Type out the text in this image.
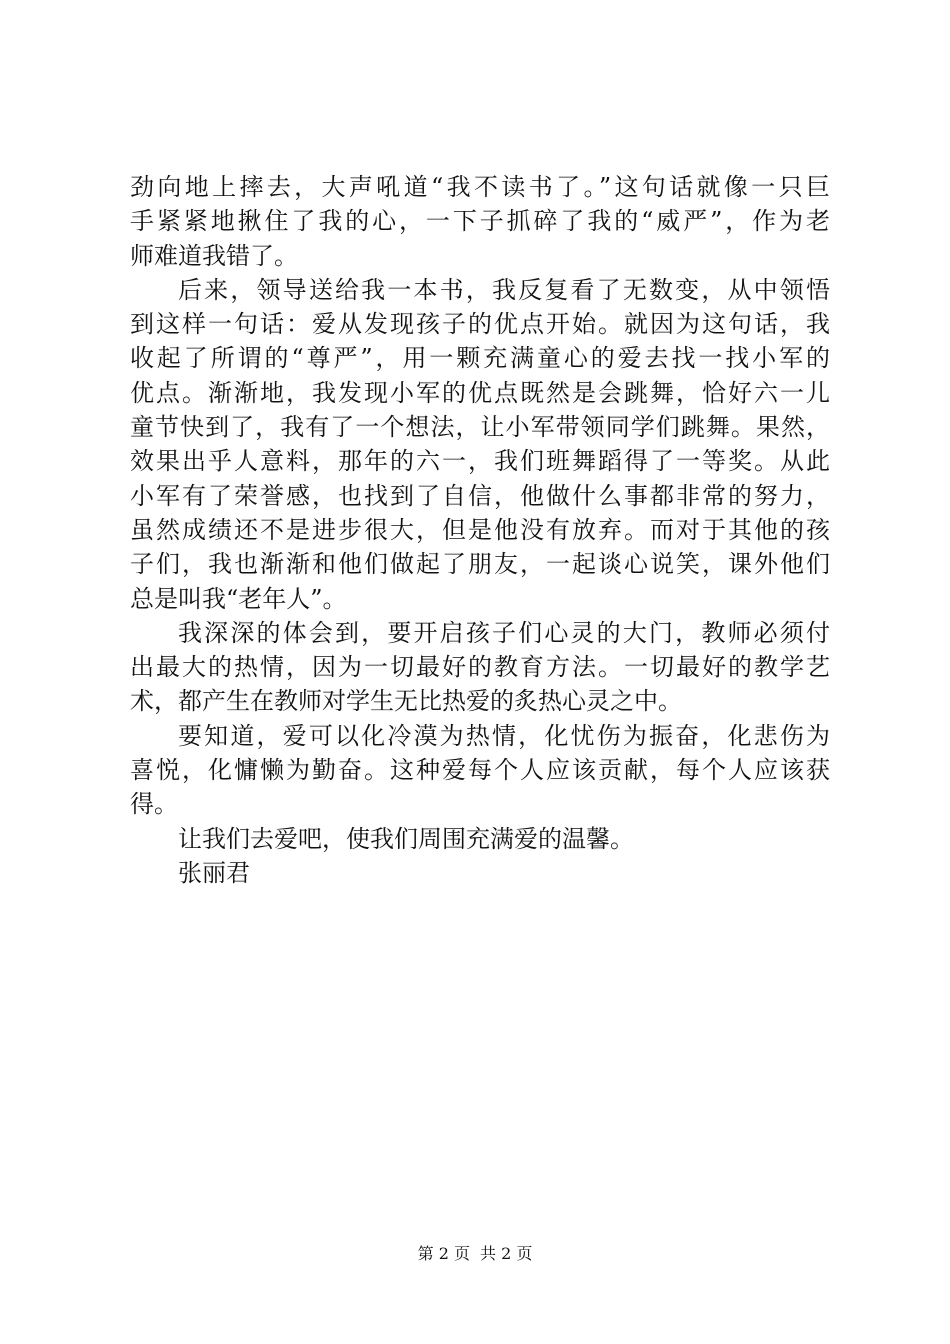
劲向地上摔去，大声吼道“我不读书了。”这句话就像一只巨
手紧紧地揪住了我的心，一下子抓碎了我的“威严”，作为老
师难道我错了。
后来，领导送给我一本书，我反复看了无数变，从中领悟
到这样一句话：爱从发现孩子的优点开始。就因为这句话，我
收起了所谓的“尊严”，用一颗充满童心的爱去找一找小军的
优点。渐渐地，我发现小军的优点既然是会跳舞，恰好六一儿
童节快到了，我有了一个想法，让小军带领同学们跳舞。果然，
效果出乎人意料，那年的六一，我们班舞蹈得了一等奖。从此
小军有了荣誉感，也找到了自信，他做什么事都非常的努力，
虽然成绩还不是进步很大，但是他没有放弃。而对于其他的孩
子们，我也渐渐和他们做起了朋友，一起谈心说笑，课外他们
总是叫我“老年人”。
我深深的体会到，要开启孩子们心灵的大门，教师必须付
出最大的热情，因为一切最好的教育方法。一切最好的教学艺
术，都产生在教师对学生无比热爱的炙热心灵之中。
要知道，爱可以化冷漠为热情，化忧伤为振奋，化悲伤为
喜悦，化慵懒为勤奋。这种爱每个人应该贡献，每个人应该获
得。
让我们去爱吧，使我们周围充满爱的温馨。
张丽君
第 2 页 共 2 页
